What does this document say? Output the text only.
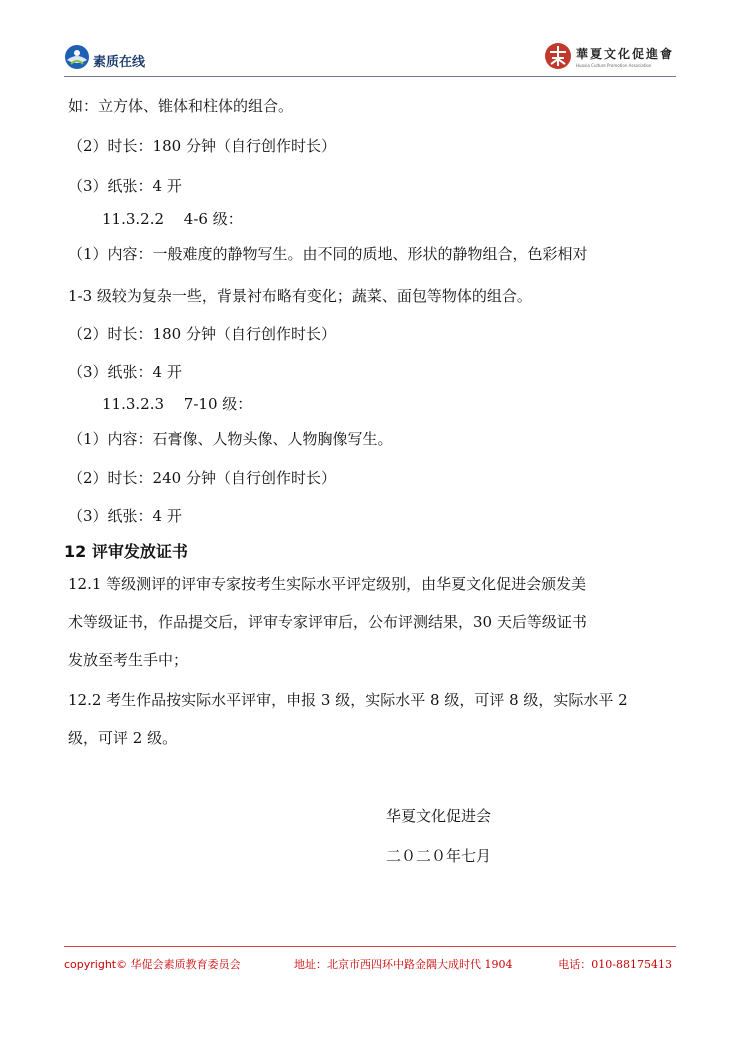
素质在线
華夏文化促進會
Huaxia Culture Promotion Association
如：立方体、锥体和柱体的组合。
（2）时长：180 分钟（自行创作时长）
（3）纸张：4 开
11.3.2.2　 4-6 级：
（1）内容：一般难度的静物写生。由不同的质地、形状的静物组合，色彩相对
1-3 级较为复杂一些，背景衬布略有变化；蔬菜、面包等物体的组合。
（2）时长：180 分钟（自行创作时长）
（3）纸张：4 开
11.3.2.3　 7-10 级：
（1）内容：石膏像、人物头像、人物胸像写生。
（2）时长：240 分钟（自行创作时长）
（3）纸张：4 开
12 评审发放证书
12.1 等级测评的评审专家按考生实际水平评定级别，由华夏文化促进会颁发美
术等级证书，作品提交后，评审专家评审后，公布评测结果，30 天后等级证书
发放至考生手中；
12.2 考生作品按实际水平评审，申报 3 级，实际水平 8 级，可评 8 级，实际水平 2
级，可评 2 级。
华夏文化促进会
二０二０年七月
copyright© 华促会素质教育委员会	地址：北京市西四环中路金隅大成时代 1904	电话：010-88175413
